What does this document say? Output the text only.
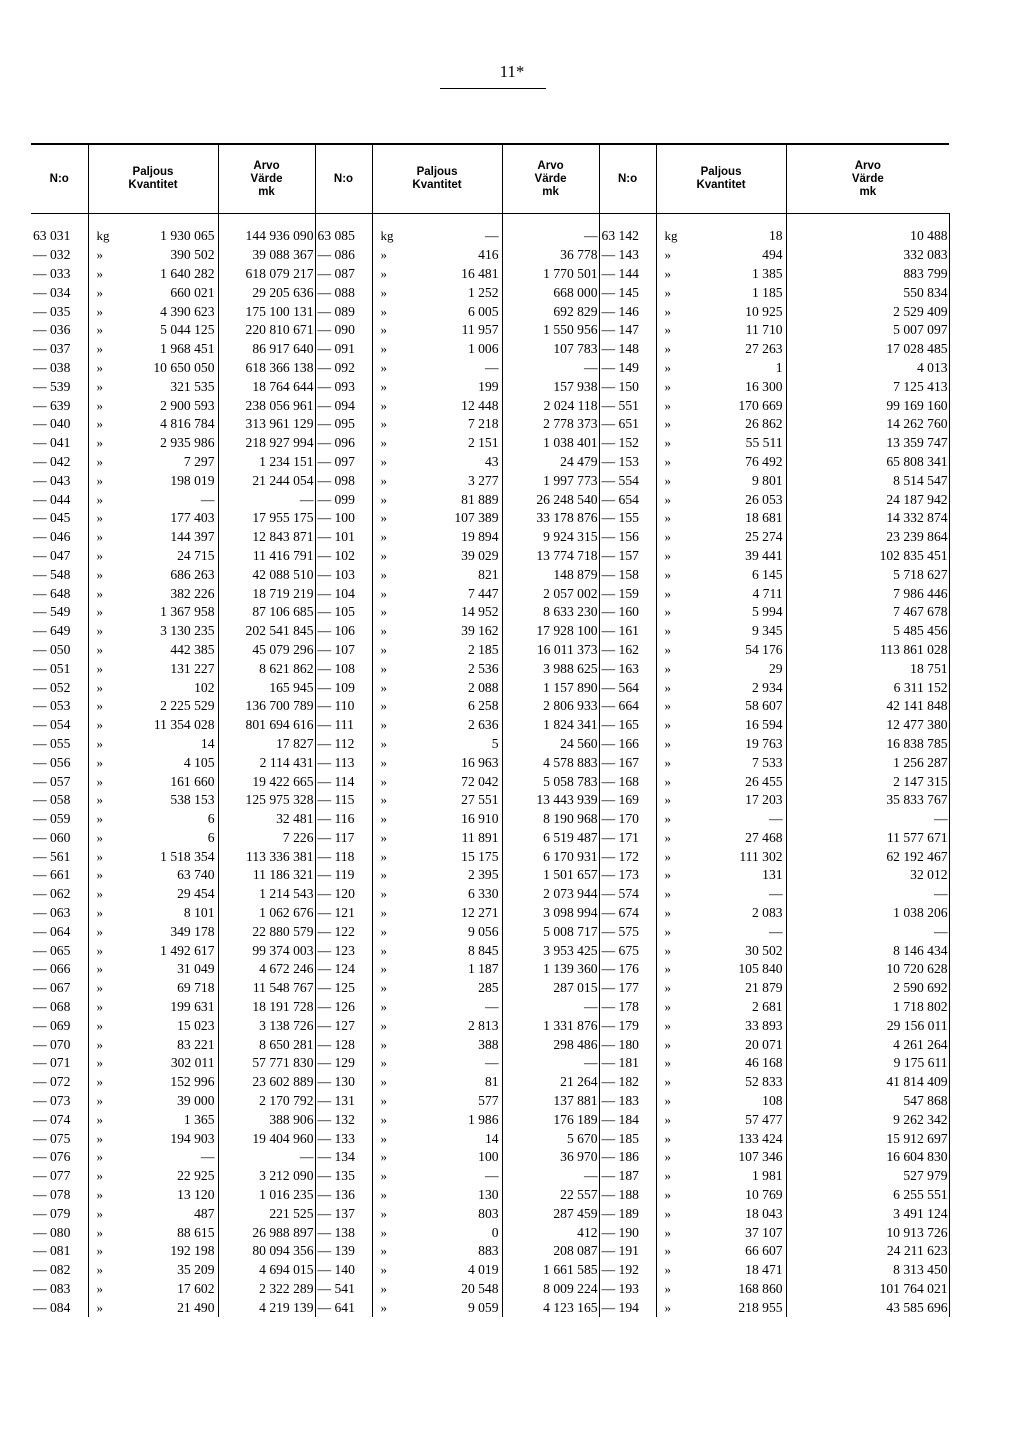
11*
N:o	Paljous
Kvantitet		Arvo
Värde
mk	N:o	Paljous
Kvantitet		Arvo
Värde
mk	N:o	Paljous
Kvantitet		Arvo
Värde
mk

63 031	kg	1 930 065	144 936 090	63 085	kg	—	—	63 142	kg	18	10 488
— 032	»	390 502	39 088 367	— 086	»	416	36 778	— 143	»	494	332 083
— 033	»	1 640 282	618 079 217	— 087	»	16 481	1 770 501	— 144	»	1 385	883 799
— 034	»	660 021	29 205 636	— 088	»	1 252	668 000	— 145	»	1 185	550 834
— 035	»	4 390 623	175 100 131	— 089	»	6 005	692 829	— 146	»	10 925	2 529 409
— 036	»	5 044 125	220 810 671	— 090	»	11 957	1 550 956	— 147	»	11 710	5 007 097
— 037	»	1 968 451	86 917 640	— 091	»	1 006	107 783	— 148	»	27 263	17 028 485
— 038	»	10 650 050	618 366 138	— 092	»	—	—	— 149	»	1	4 013
— 539	»	321 535	18 764 644	— 093	»	199	157 938	— 150	»	16 300	7 125 413
— 639	»	2 900 593	238 056 961	— 094	»	12 448	2 024 118	— 551	»	170 669	99 169 160
— 040	»	4 816 784	313 961 129	— 095	»	7 218	2 778 373	— 651	»	26 862	14 262 760
— 041	»	2 935 986	218 927 994	— 096	»	2 151	1 038 401	— 152	»	55 511	13 359 747
— 042	»	7 297	1 234 151	— 097	»	43	24 479	— 153	»	76 492	65 808 341
— 043	»	198 019	21 244 054	— 098	»	3 277	1 997 773	— 554	»	9 801	8 514 547
— 044	»	—	—	— 099	»	81 889	26 248 540	— 654	»	26 053	24 187 942
— 045	»	177 403	17 955 175	— 100	»	107 389	33 178 876	— 155	»	18 681	14 332 874
— 046	»	144 397	12 843 871	— 101	»	19 894	9 924 315	— 156	»	25 274	23 239 864
— 047	»	24 715	11 416 791	— 102	»	39 029	13 774 718	— 157	»	39 441	102 835 451
— 548	»	686 263	42 088 510	— 103	»	821	148 879	— 158	»	6 145	5 718 627
— 648	»	382 226	18 719 219	— 104	»	7 447	2 057 002	— 159	»	4 711	7 986 446
— 549	»	1 367 958	87 106 685	— 105	»	14 952	8 633 230	— 160	»	5 994	7 467 678
— 649	»	3 130 235	202 541 845	— 106	»	39 162	17 928 100	— 161	»	9 345	5 485 456
— 050	»	442 385	45 079 296	— 107	»	2 185	16 011 373	— 162	»	54 176	113 861 028
— 051	»	131 227	8 621 862	— 108	»	2 536	3 988 625	— 163	»	29	18 751
— 052	»	102	165 945	— 109	»	2 088	1 157 890	— 564	»	2 934	6 311 152
— 053	»	2 225 529	136 700 789	— 110	»	6 258	2 806 933	— 664	»	58 607	42 141 848
— 054	»	11 354 028	801 694 616	— 111	»	2 636	1 824 341	— 165	»	16 594	12 477 380
— 055	»	14	17 827	— 112	»	5	24 560	— 166	»	19 763	16 838 785
— 056	»	4 105	2 114 431	— 113	»	16 963	4 578 883	— 167	»	7 533	1 256 287
— 057	»	161 660	19 422 665	— 114	»	72 042	5 058 783	— 168	»	26 455	2 147 315
— 058	»	538 153	125 975 328	— 115	»	27 551	13 443 939	— 169	»	17 203	35 833 767
— 059	»	6	32 481	— 116	»	16 910	8 190 968	— 170	»	—	—
— 060	»	6	7 226	— 117	»	11 891	6 519 487	— 171	»	27 468	11 577 671
— 561	»	1 518 354	113 336 381	— 118	»	15 175	6 170 931	— 172	»	111 302	62 192 467
— 661	»	63 740	11 186 321	— 119	»	2 395	1 501 657	— 173	»	131	32 012
— 062	»	29 454	1 214 543	— 120	»	6 330	2 073 944	— 574	»	—	—
— 063	»	8 101	1 062 676	— 121	»	12 271	3 098 994	— 674	»	2 083	1 038 206
— 064	»	349 178	22 880 579	— 122	»	9 056	5 008 717	— 575	»	—	—
— 065	»	1 492 617	99 374 003	— 123	»	8 845	3 953 425	— 675	»	30 502	8 146 434
— 066	»	31 049	4 672 246	— 124	»	1 187	1 139 360	— 176	»	105 840	10 720 628
— 067	»	69 718	11 548 767	— 125	»	285	287 015	— 177	»	21 879	2 590 692
— 068	»	199 631	18 191 728	— 126	»	—	—	— 178	»	2 681	1 718 802
— 069	»	15 023	3 138 726	— 127	»	2 813	1 331 876	— 179	»	33 893	29 156 011
— 070	»	83 221	8 650 281	— 128	»	388	298 486	— 180	»	20 071	4 261 264
— 071	»	302 011	57 771 830	— 129	»	—	—	— 181	»	46 168	9 175 611
— 072	»	152 996	23 602 889	— 130	»	81	21 264	— 182	»	52 833	41 814 409
— 073	»	39 000	2 170 792	— 131	»	577	137 881	— 183	»	108	547 868
— 074	»	1 365	388 906	— 132	»	1 986	176 189	— 184	»	57 477	9 262 342
— 075	»	194 903	19 404 960	— 133	»	14	5 670	— 185	»	133 424	15 912 697
— 076	»	—	—	— 134	»	100	36 970	— 186	»	107 346	16 604 830
— 077	»	22 925	3 212 090	— 135	»	—	—	— 187	»	1 981	527 979
— 078	»	13 120	1 016 235	— 136	»	130	22 557	— 188	»	10 769	6 255 551
— 079	»	487	221 525	— 137	»	803	287 459	— 189	»	18 043	3 491 124
— 080	»	88 615	26 988 897	— 138	»	0	412	— 190	»	37 107	10 913 726
— 081	»	192 198	80 094 356	— 139	»	883	208 087	— 191	»	66 607	24 211 623
— 082	»	35 209	4 694 015	— 140	»	4 019	1 661 585	— 192	»	18 471	8 313 450
— 083	»	17 602	2 322 289	— 541	»	20 548	8 009 224	— 193	»	168 860	101 764 021
— 084	»	21 490	4 219 139	— 641	»	9 059	4 123 165	— 194	»	218 955	43 585 696
